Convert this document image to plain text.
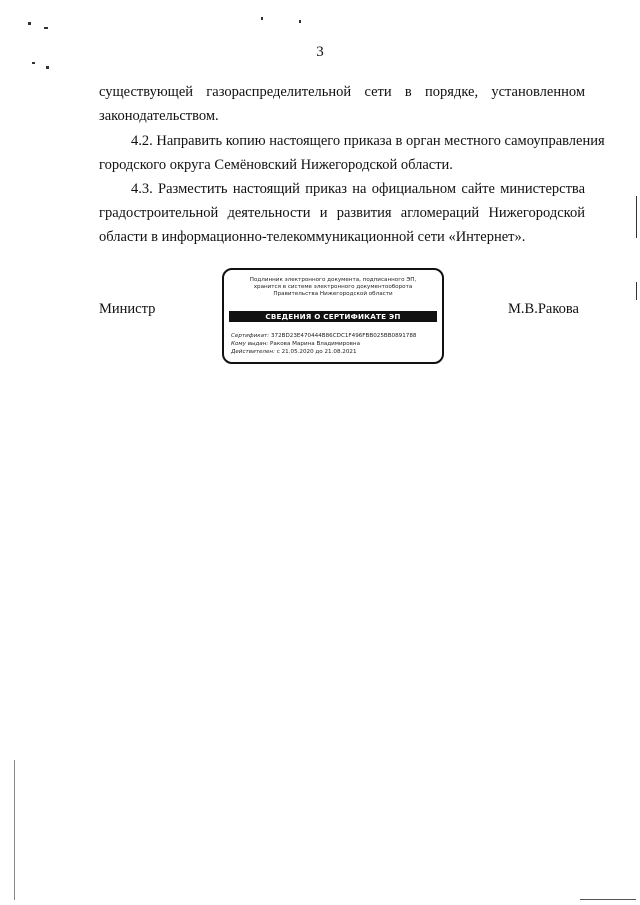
3
существующей газораспределительной сети в порядке, установленном
законодательством.
4.2. Направить копию настоящего приказа в орган местного самоуправления
городского округа Семёновский Нижегородской области.
4.3. Разместить настоящий приказ на официальном сайте министерства
градостроительной деятельности и развития агломераций Нижегородской
области в информационно-телекоммуникационной сети «Интернет».
Министр
Подлинник электронного документа, подписанного ЭП,
хранится в системе электронного документооборота
Правительства Нижегородской области
СВЕДЕНИЯ О СЕРТИФИКАТЕ ЭП
Сертификат: 372BD23E470444B86CDC1F496FBB025BB0891788
Кому выдан: Ракова Марина Владимировна
Действителен: с 21.05.2020 до 21.08.2021
М.В.Ракова
